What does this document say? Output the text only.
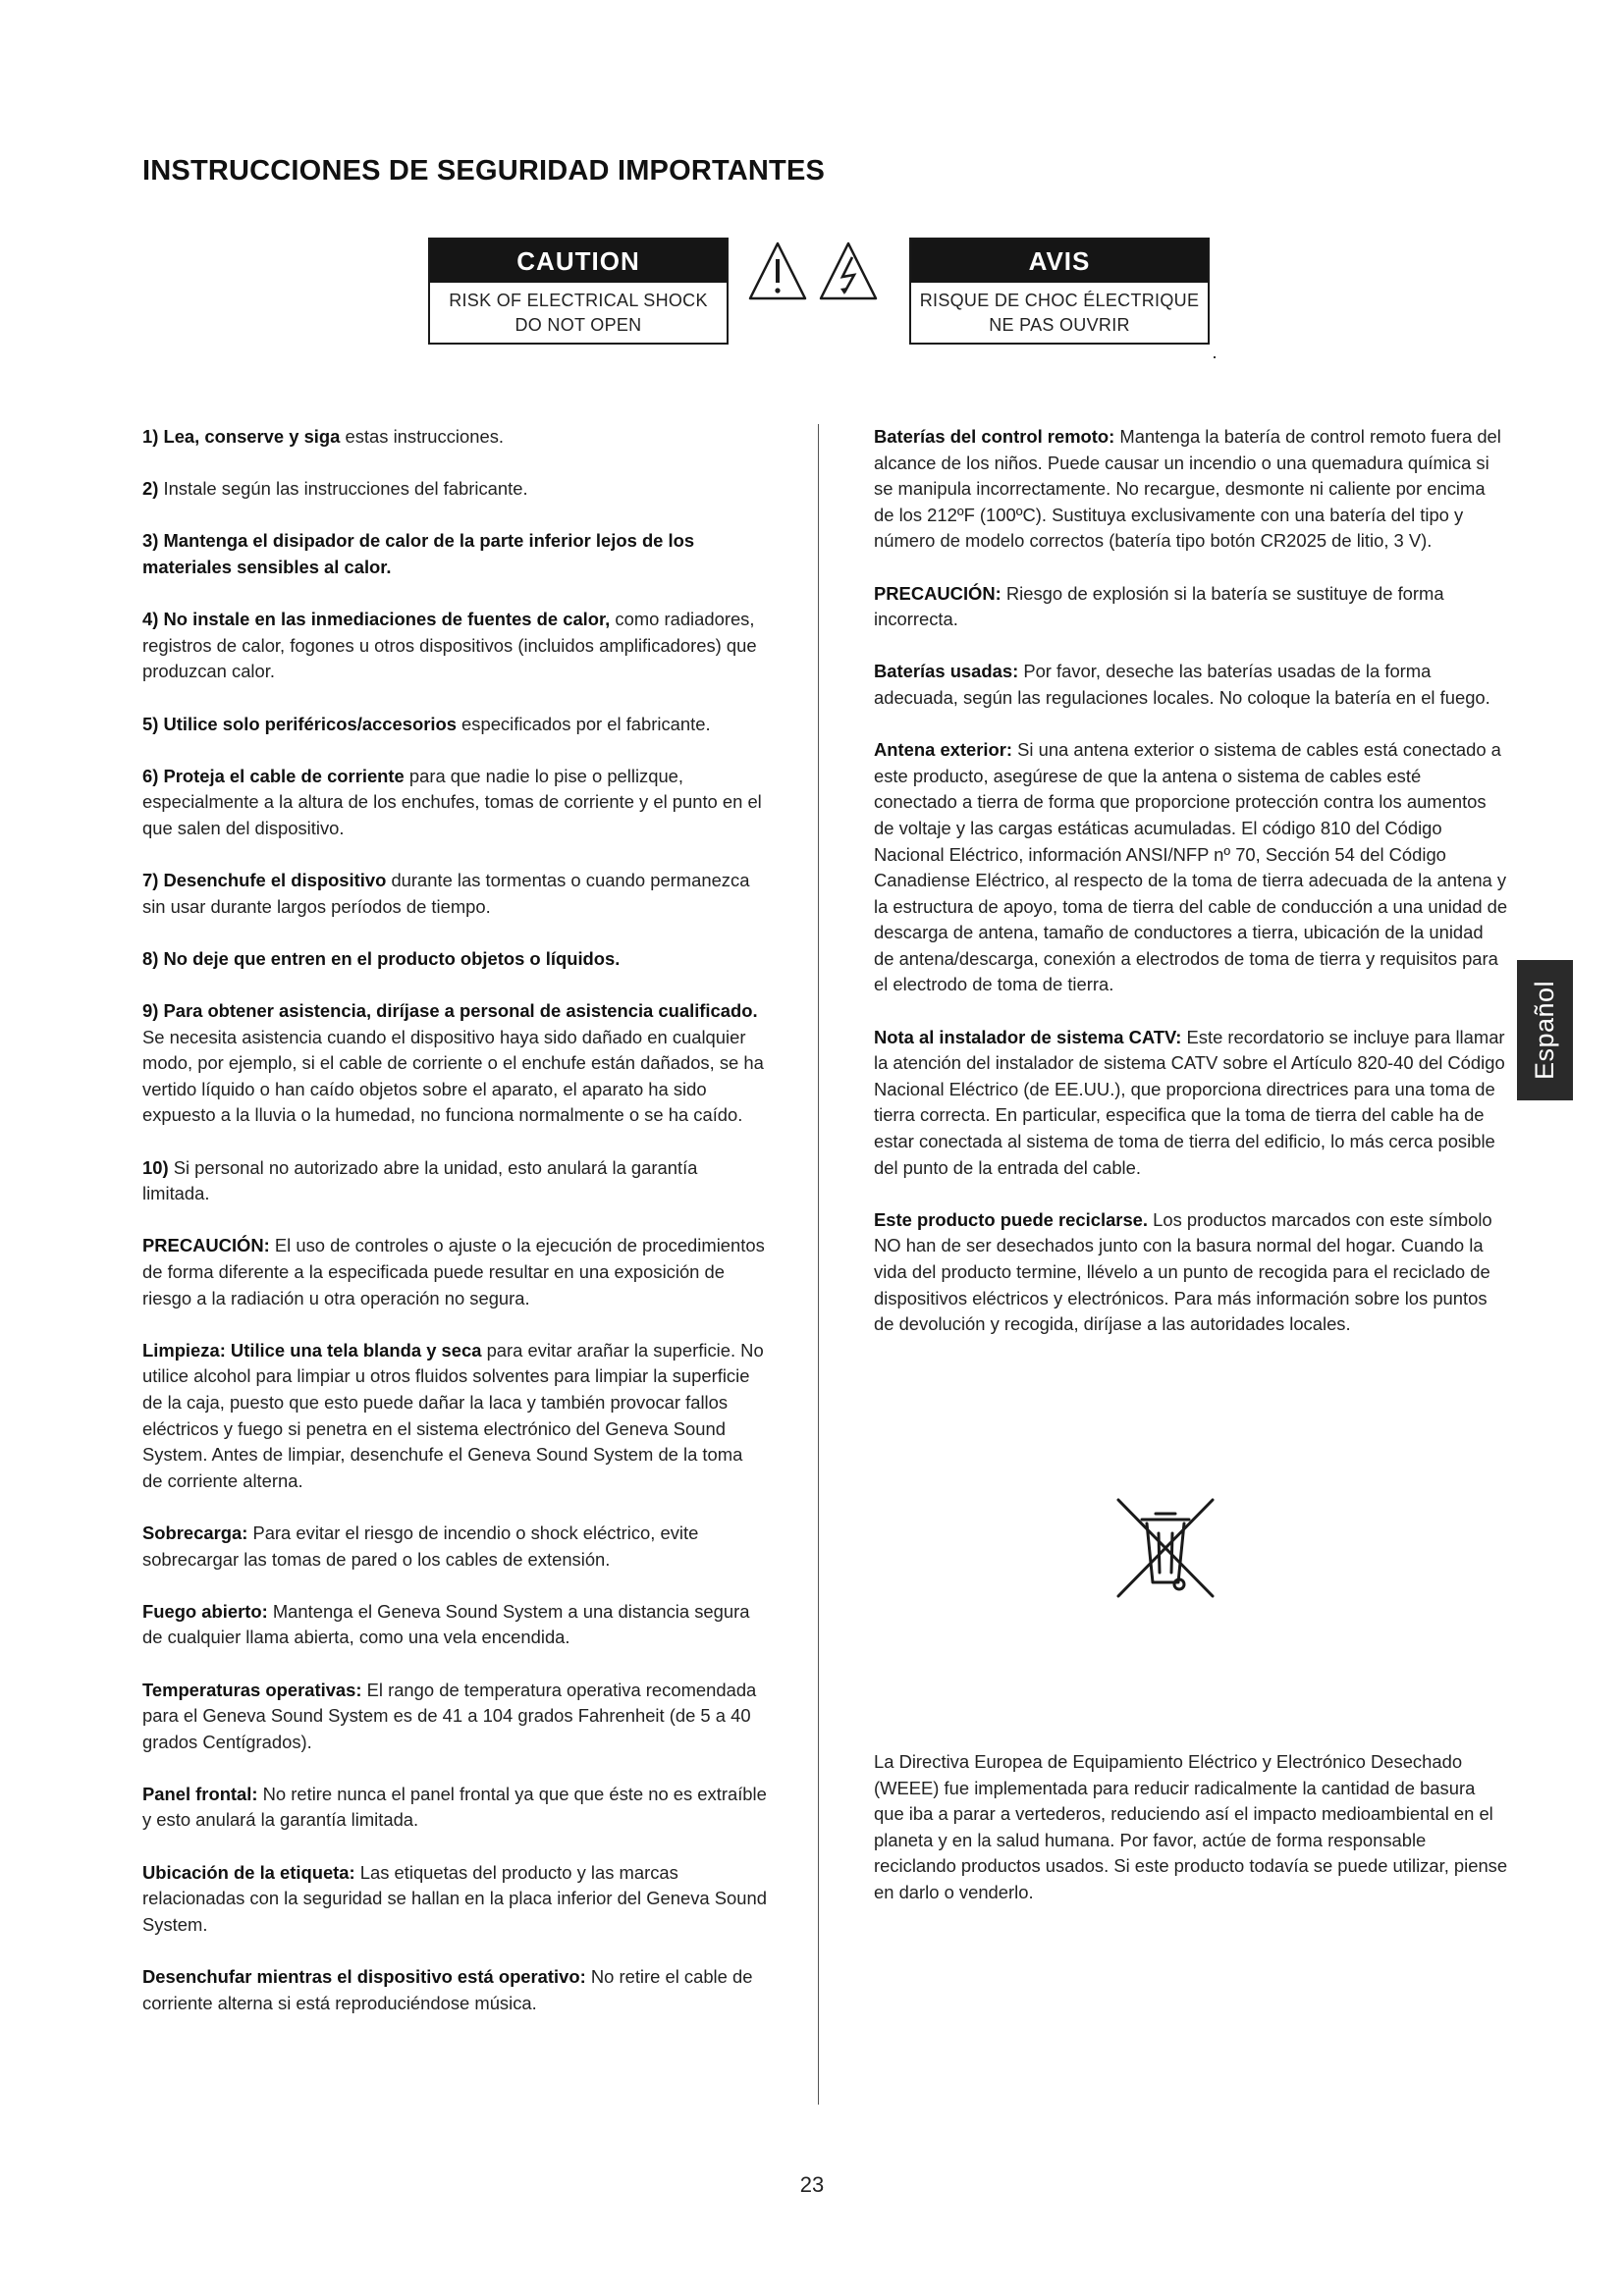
INSTRUCCIONES DE SEGURIDAD IMPORTANTES
CAUTION
RISK OF ELECTRICAL SHOCK
DO NOT OPEN
AVIS
RISQUE DE CHOC ÉLECTRIQUE
NE PAS OUVRIR

1) Lea, conserve y siga estas instrucciones.

2) Instale según las instrucciones del fabricante.

3) Mantenga el disipador de calor de la parte inferior lejos de los materiales sensibles al calor.

4) No instale en las inmediaciones de fuentes de calor, como radiadores, registros de calor, fogones u otros dispositivos (incluidos amplificadores) que produzcan calor.

5) Utilice solo periféricos/accesorios especificados por el fabricante.

6) Proteja el cable de corriente para que nadie lo pise o pellizque, especialmente a la altura de los enchufes, tomas de corriente y el punto en el que salen del dispositivo.

7) Desenchufe el dispositivo durante las tormentas o cuando permanezca sin usar durante largos períodos de tiempo.

8) No deje que entren en el producto objetos o líquidos.

9) Para obtener asistencia, diríjase a personal de asistencia cualificado. Se necesita asistencia cuando el dispositivo haya sido dañado en cualquier modo, por ejemplo, si el cable de corriente o el enchufe están dañados, se ha vertido líquido o han caído objetos sobre el aparato, el aparato ha sido expuesto a la lluvia o la humedad, no funciona normalmente o se ha caído.

10) Si personal no autorizado abre la unidad, esto anulará la garantía limitada.

PRECAUCIÓN: El uso de controles o ajuste o la ejecución de procedimientos de forma diferente a la especificada puede resultar en una exposición de riesgo a la radiación u otra operación no segura.

Limpieza: Utilice una tela blanda y seca para evitar arañar la superficie. No utilice alcohol para limpiar u otros fluidos solventes para limpiar la superficie de la caja, puesto que esto puede dañar la laca y también provocar fallos eléctricos y fuego si penetra en el sistema electrónico del Geneva Sound System. Antes de limpiar, desenchufe el Geneva Sound System de la toma de corriente alterna.

Sobrecarga: Para evitar el riesgo de incendio o shock eléctrico, evite sobrecargar las tomas de pared o los cables de extensión.

Fuego abierto: Mantenga el Geneva Sound System a una distancia segura de cualquier llama abierta, como una vela encendida.

Temperaturas operativas: El rango de temperatura operativa recomendada para el Geneva Sound System es de 41 a 104 grados Fahrenheit (de 5 a 40 grados Centígrados).

Panel frontal: No retire nunca el panel frontal ya que que éste no es extraíble y esto anulará la garantía limitada.

Ubicación de la etiqueta: Las etiquetas del producto y las marcas relacionadas con la seguridad se hallan en la placa inferior del Geneva Sound System.

Desenchufar mientras el dispositivo está operativo: No retire el cable de corriente alterna si está reproduciéndose música.

Baterías del control remoto: Mantenga la batería de control remoto fuera del alcance de los niños. Puede causar un incendio o una quemadura química si se manipula incorrectamente. No recargue, desmonte ni caliente por encima de los 212ºF (100ºC). Sustituya exclusivamente con una batería del tipo y número de modelo correctos (batería tipo botón CR2025 de litio, 3 V).

PRECAUCIÓN: Riesgo de explosión si la batería se sustituye de forma incorrecta.

Baterías usadas: Por favor, deseche las baterías usadas de la forma adecuada, según las regulaciones locales. No coloque la batería en el fuego.

Antena exterior: Si una antena exterior o sistema de cables está conectado a este producto, asegúrese de que la antena o sistema de cables esté conectado a tierra de forma que proporcione protección contra los aumentos de voltaje y las cargas estáticas acumuladas. El código 810 del Código Nacional Eléctrico, información ANSI/NFP nº 70, Sección 54 del Código Canadiense Eléctrico, al respecto de la toma de tierra adecuada de la antena y la estructura de apoyo, toma de tierra del cable de conducción a una unidad de descarga de antena, tamaño de conductores a tierra, ubicación de la unidad de antena/descarga, conexión a electrodos de toma de tierra y requisitos para el electrodo de toma de tierra.

Nota al instalador de sistema CATV: Este recordatorio se incluye para llamar la atención del instalador de sistema CATV sobre el Artículo 820-40 del Código Nacional Eléctrico (de EE.UU.), que proporciona directrices para una toma de tierra correcta. En particular, especifica que la toma de tierra del cable ha de estar conectada al sistema de toma de tierra del edificio, lo más cerca posible del punto de la entrada del cable.

Este producto puede reciclarse. Los productos marcados con este símbolo NO han de ser desechados junto con la basura normal del hogar. Cuando la vida del producto termine, llévelo a un punto de recogida para el reciclado de dispositivos eléctricos y electrónicos. Para más información sobre los puntos de devolución y recogida, diríjase a las autoridades locales.

La Directiva Europea de Equipamiento Eléctrico y Electrónico Desechado (WEEE) fue implementada para reducir radicalmente la cantidad de basura que iba a parar a vertederos, reduciendo así el impacto medioambiental en el planeta y en la salud humana. Por favor, actúe de forma responsable reciclando productos usados. Si este producto todavía se puede utilizar, piense en darlo o venderlo.

Español
23
